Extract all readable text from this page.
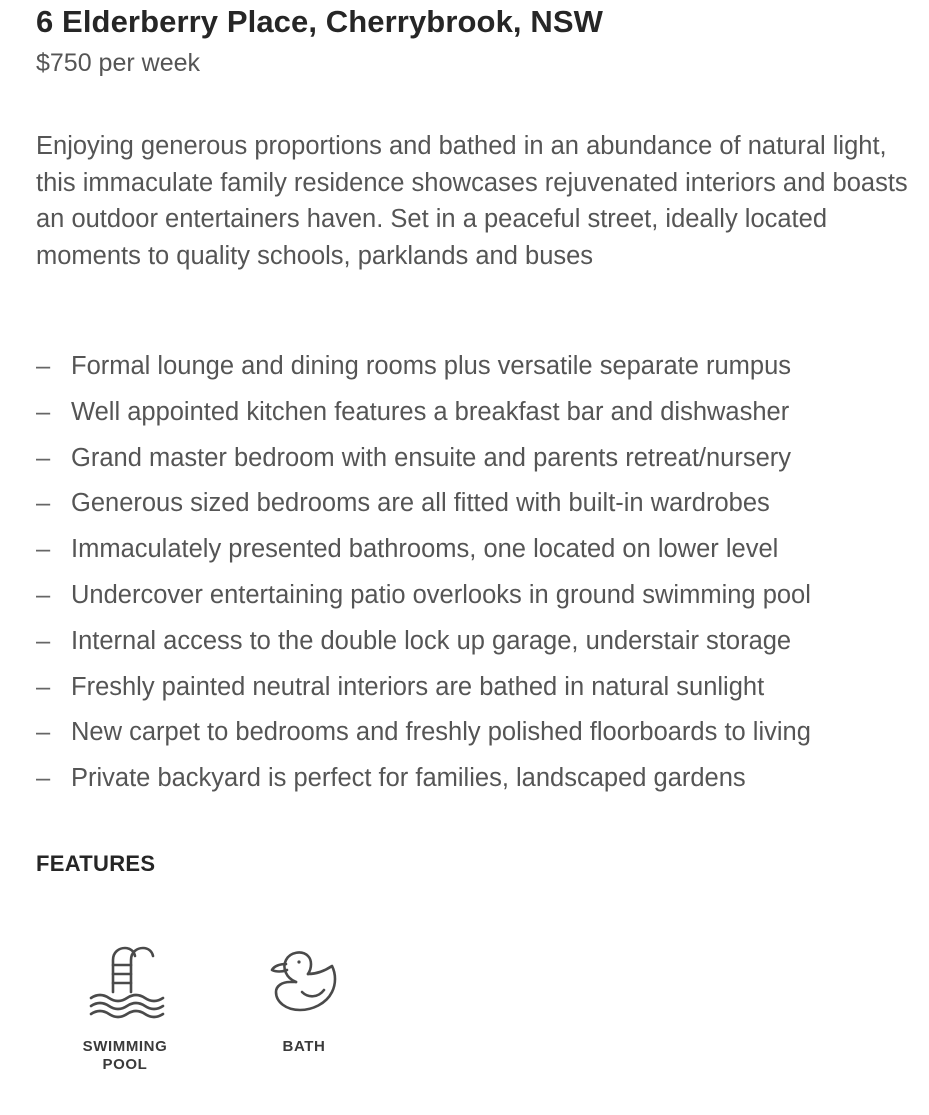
6 Elderberry Place, Cherrybrook, NSW

$750 per week

Enjoying generous proportions and bathed in an abundance of natural light, this immaculate family residence showcases rejuvenated interiors and boasts an outdoor entertainers haven. Set in a peaceful street, ideally located moments to quality schools, parklands and buses

– Formal lounge and dining rooms plus versatile separate rumpus
– Well appointed kitchen features a breakfast bar and dishwasher
– Grand master bedroom with ensuite and parents retreat/nursery
– Generous sized bedrooms are all fitted with built-in wardrobes
– Immaculately presented bathrooms, one located on lower level
– Undercover entertaining patio overlooks in ground swimming pool
– Internal access to the double lock up garage, understair storage
– Freshly painted neutral interiors are bathed in natural sunlight
– New carpet to bedrooms and freshly polished floorboards to living
– Private backyard is perfect for families, landscaped gardens
FEATURES
SWIMMING POOL
BATH
